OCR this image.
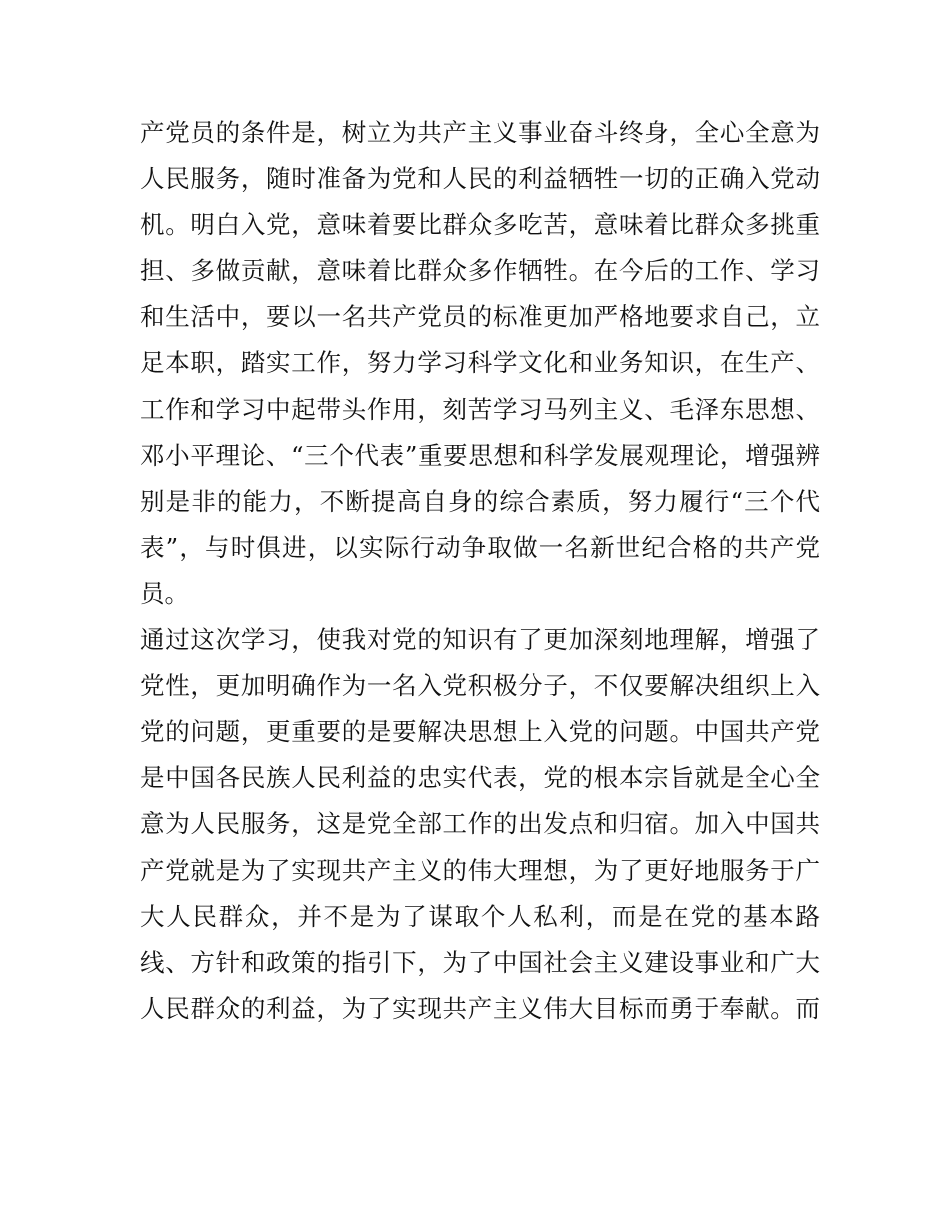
产党员的条件是，树立为共产主义事业奋斗终身，全心全意为
人民服务，随时准备为党和人民的利益牺牲一切的正确入党动
机。明白入党，意味着要比群众多吃苦，意味着比群众多挑重
担、多做贡献，意味着比群众多作牺牲。在今后的工作、学习
和生活中，要以一名共产党员的标准更加严格地要求自己，立
足本职，踏实工作，努力学习科学文化和业务知识，在生产、
工作和学习中起带头作用，刻苦学习马列主义、毛泽东思想、
邓小平理论、“三个代表”重要思想和科学发展观理论，增强辨
别是非的能力，不断提高自身的综合素质，努力履行“三个代
表”，与时俱进，以实际行动争取做一名新世纪合格的共产党
员。
通过这次学习，使我对党的知识有了更加深刻地理解，增强了
党性，更加明确作为一名入党积极分子，不仅要解决组织上入
党的问题，更重要的是要解决思想上入党的问题。中国共产党
是中国各民族人民利益的忠实代表，党的根本宗旨就是全心全
意为人民服务，这是党全部工作的出发点和归宿。加入中国共
产党就是为了实现共产主义的伟大理想，为了更好地服务于广
大人民群众，并不是为了谋取个人私利，而是在党的基本路
线、方针和政策的指引下，为了中国社会主义建设事业和广大
人民群众的利益，为了实现共产主义伟大目标而勇于奉献。而
